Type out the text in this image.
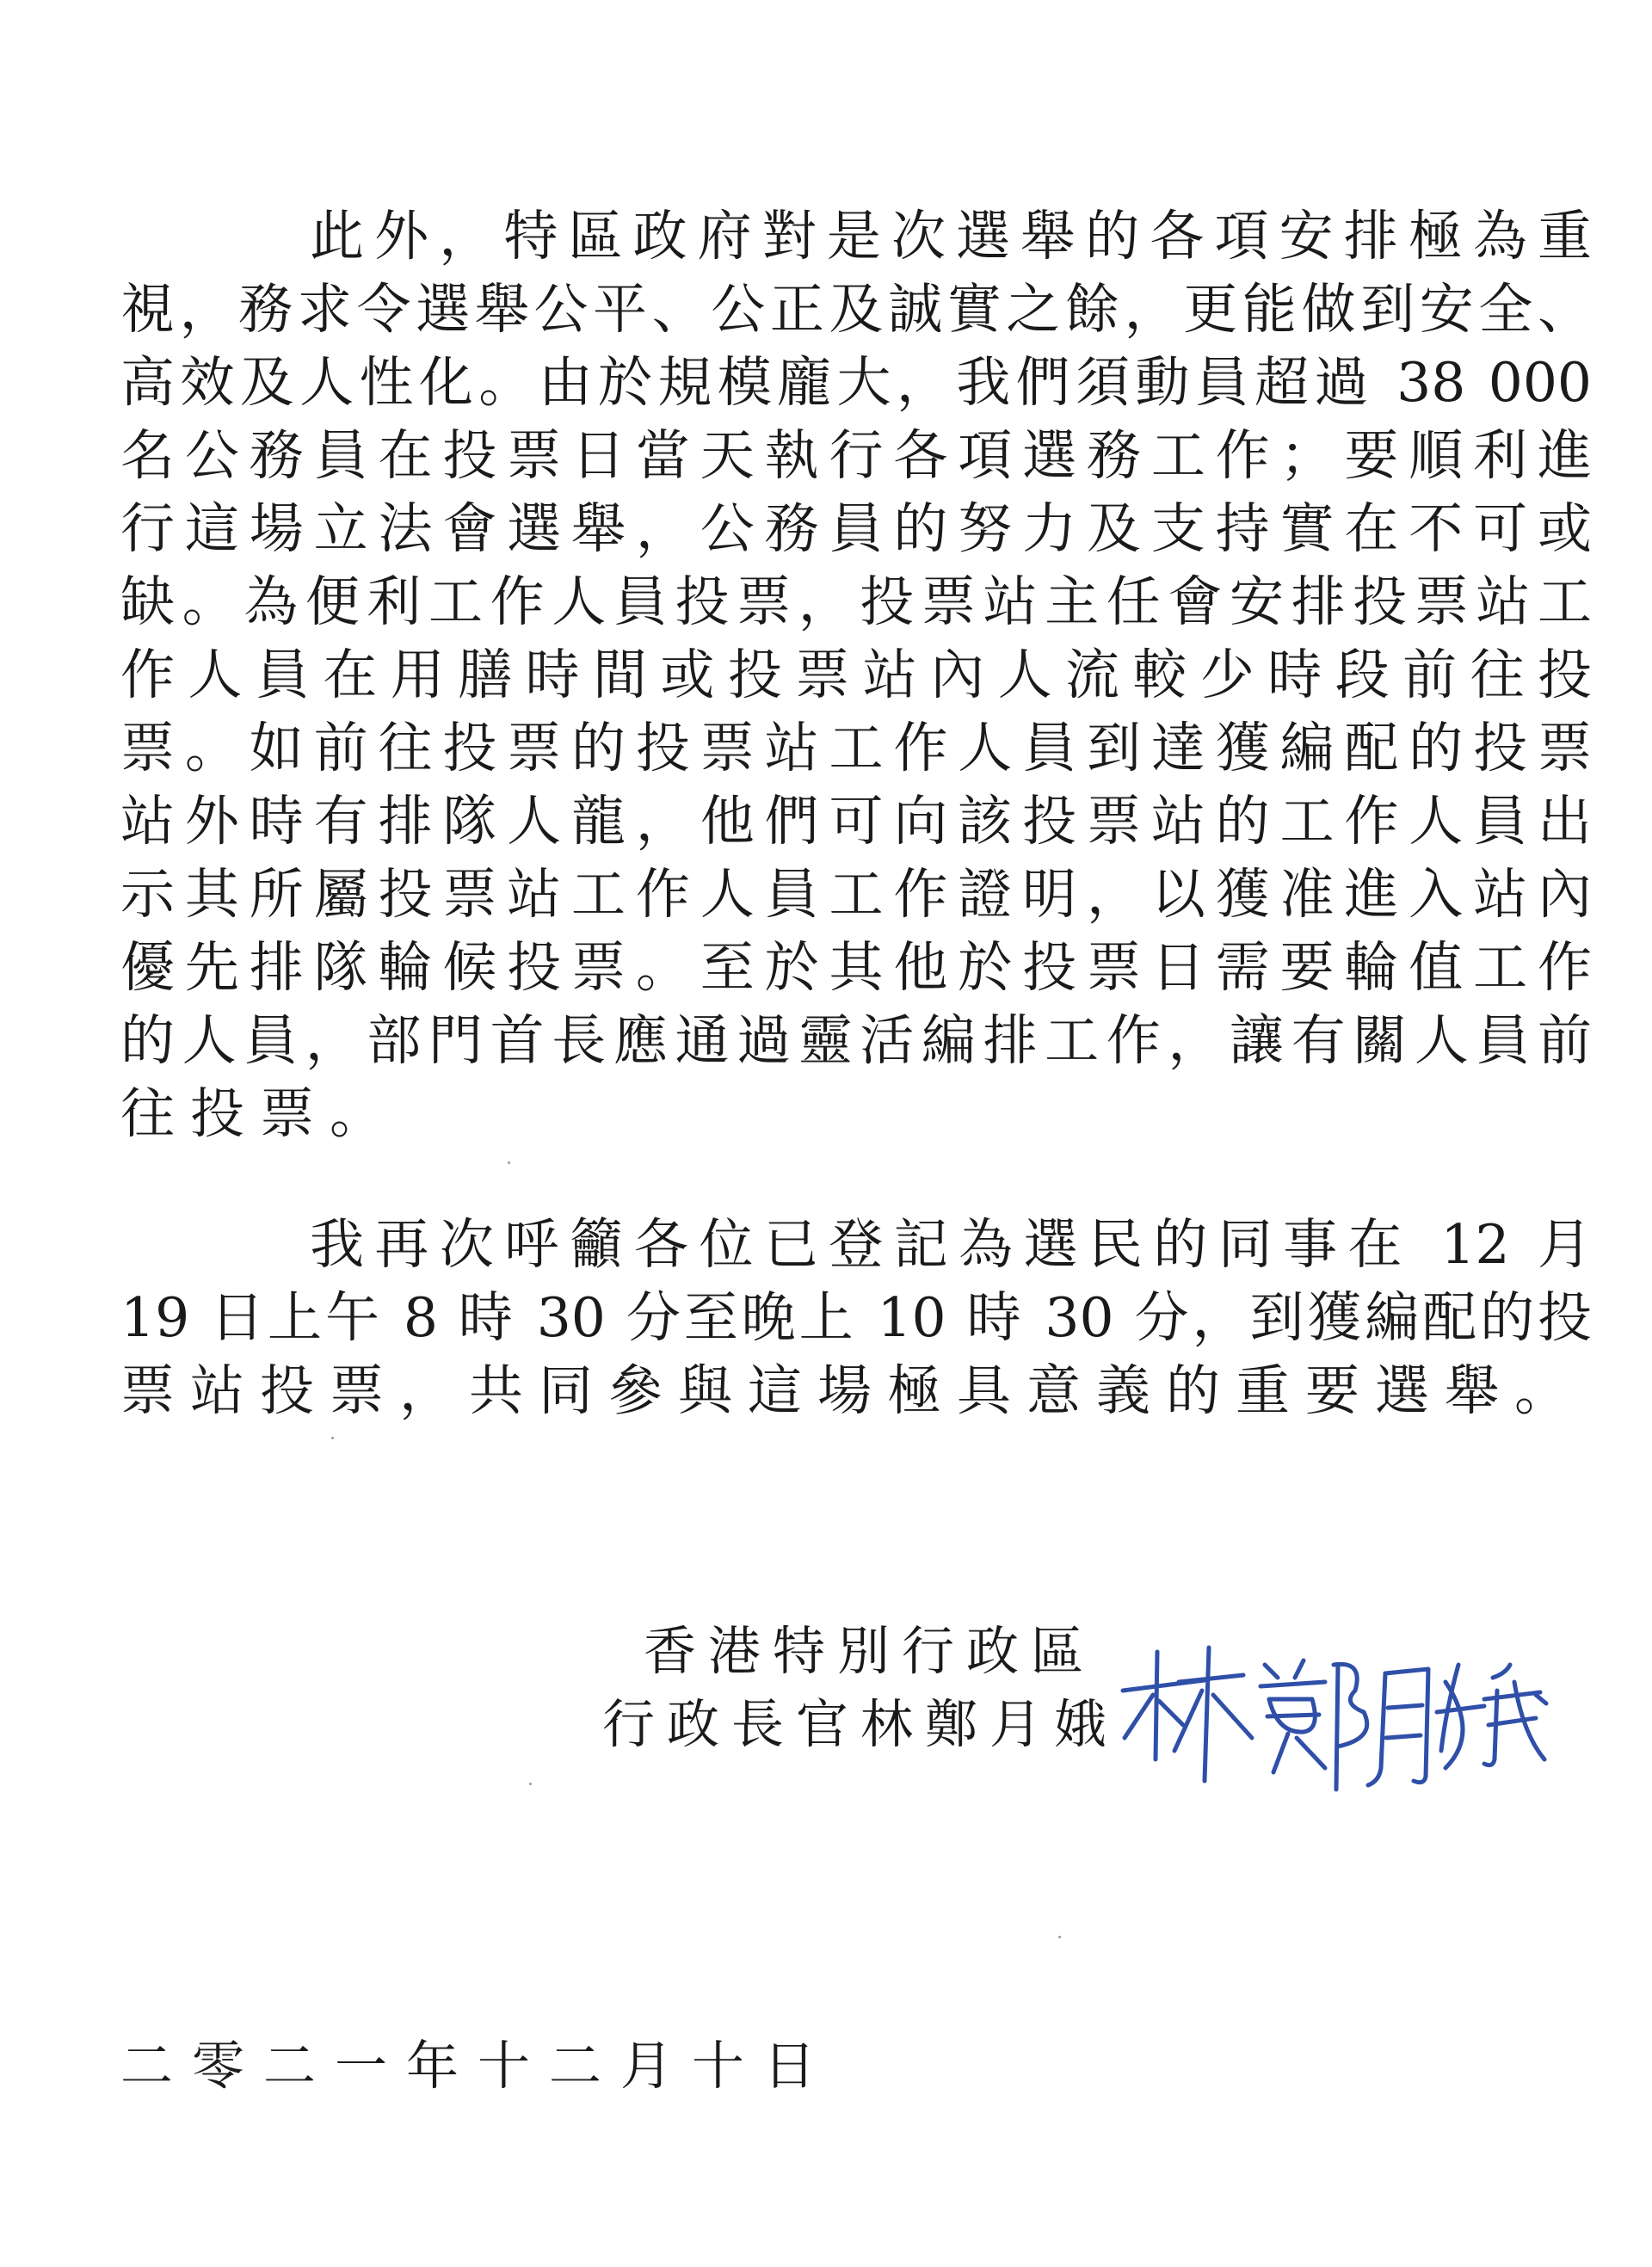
此外，特區政府對是次選舉的各項安排極為重
視，務求令選舉公平、公正及誠實之餘，更能做到安全、
高效及人性化。由於規模龐大，我們須動員超過 38 000
名公務員在投票日當天執行各項選務工作；要順利進
行這場立法會選舉，公務員的努力及支持實在不可或
缺。為便利工作人員投票，投票站主任會安排投票站工
作人員在用膳時間或投票站內人流較少時段前往投
票。如前往投票的投票站工作人員到達獲編配的投票
站外時有排隊人龍，他們可向該投票站的工作人員出
示其所屬投票站工作人員工作證明，以獲准進入站內
優先排隊輪候投票。至於其他於投票日需要輪值工作
的人員，部門首長應通過靈活編排工作，讓有關人員前
往投票。
我再次呼籲各位已登記為選民的同事在 12 月
19 日上午 8 時 30 分至晚上 10 時 30 分，到獲編配的投
票站投票，共同參與這場極具意義的重要選舉。
香港特別行政區
行政長官林鄭月娥
二零二一年十二月十日
